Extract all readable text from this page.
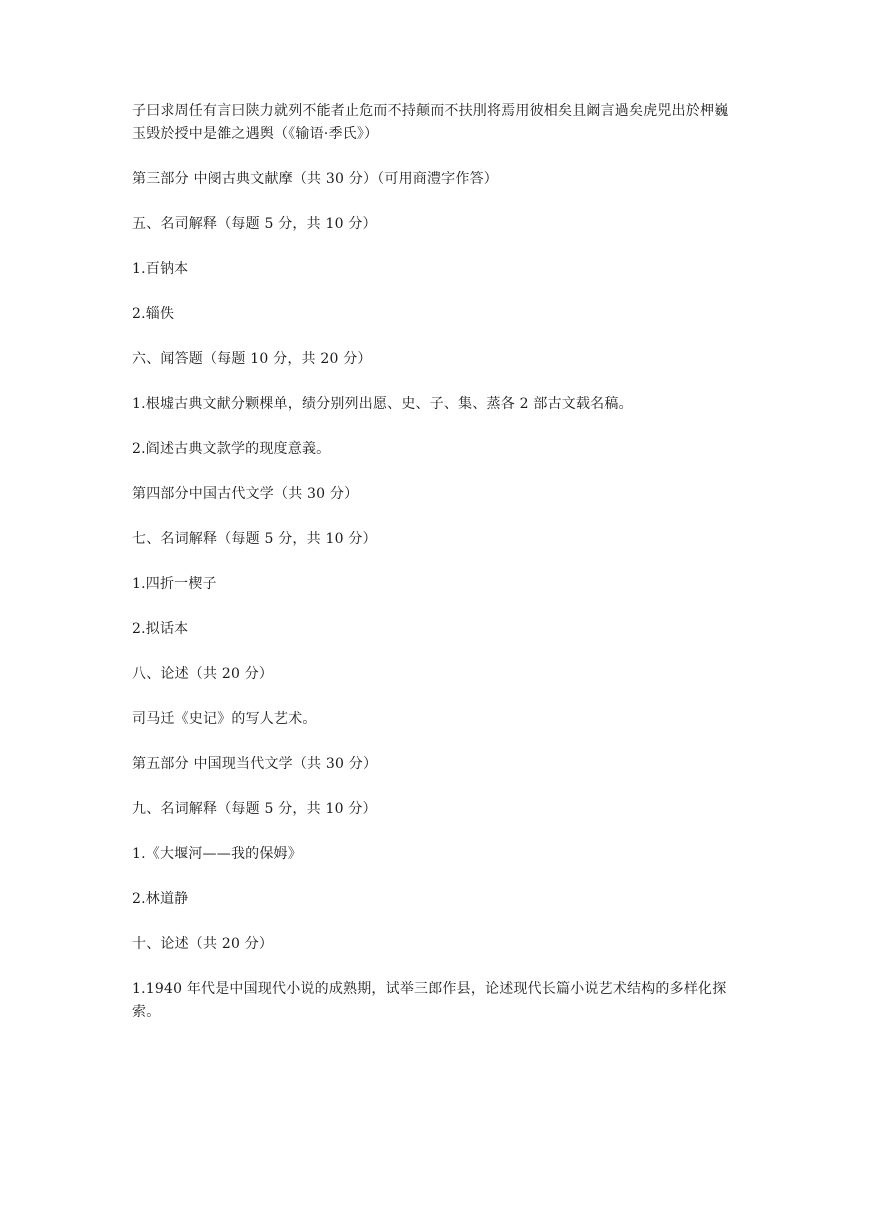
子曰求周任有言曰陕力就列不能者止危而不持颠而不扶刖将焉用彼相矣且阚言過矣虎兕出於柙巍玉毁於授中是雒之遇舆（《输语·季氏》）

第三部分 中阌古典文献摩（共 30 分）（可用商澧字作答）

五、名司解释（每题 5 分，共 10 分）

1.百钠本

2.辎佚

六、闻答题（每题 10 分，共 20 分）

1.根墟古典文献分颗棵单，绩分别列出愿、史、子、集、蒸各 2 部古文载名稿。

2.阎述古典文款学的现度意義。

第四部分中国古代文学（共 30 分）

七、名词解释（每题 5 分，共 10 分）

1.四折一楔子

2.拟话本

八、论述（共 20 分）

司马迁《史记》的写人艺术。

第五部分 中国现当代文学（共 30 分）

九、名词解释（每题 5 分，共 10 分）

1.《大堰河——我的保姆》

2.林道静

十、论述（共 20 分）

1.1940 年代是中国现代小说的成熟期，试举三郎作县，论述现代长篇小说艺术结构的多样化探索。
